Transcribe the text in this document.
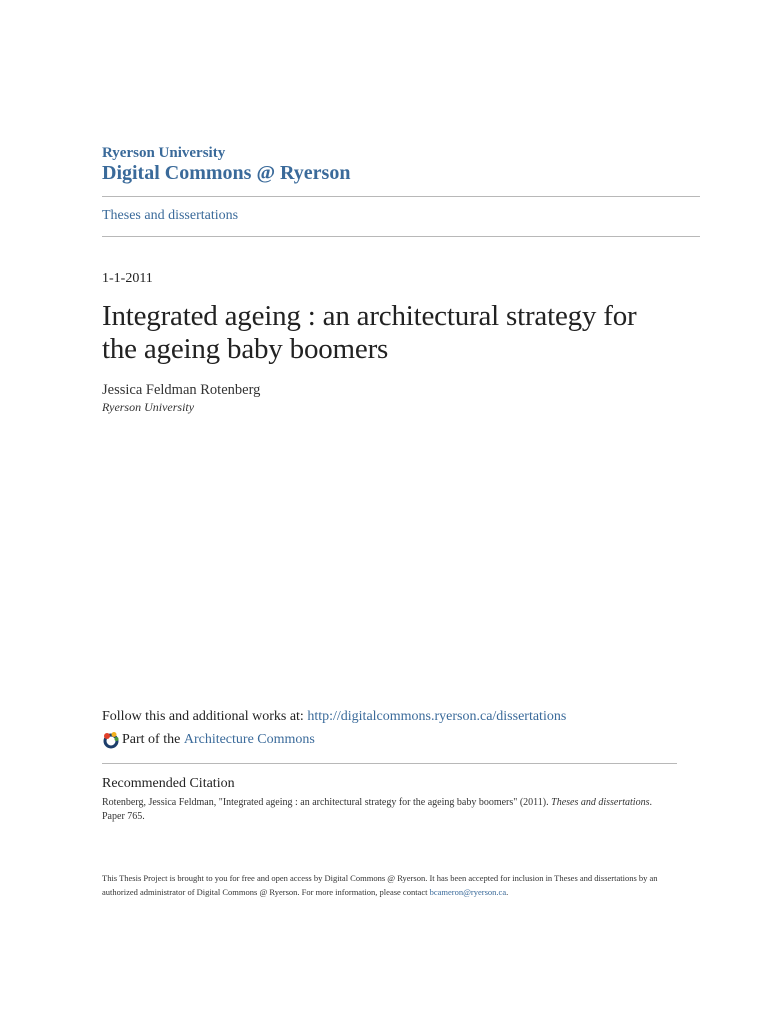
Ryerson University
Digital Commons @ Ryerson
Theses and dissertations
1-1-2011
Integrated ageing : an architectural strategy for the ageing baby boomers
Jessica Feldman Rotenberg
Ryerson University
Follow this and additional works at: http://digitalcommons.ryerson.ca/dissertations
Part of the
Architecture Commons
Recommended Citation
Rotenberg, Jessica Feldman, "Integrated ageing : an architectural strategy for the ageing baby boomers" (2011). Theses and dissertations. Paper 765.
This Thesis Project is brought to you for free and open access by Digital Commons @ Ryerson. It has been accepted for inclusion in Theses and dissertations by an authorized administrator of Digital Commons @ Ryerson. For more information, please contact bcameron@ryerson.ca.
